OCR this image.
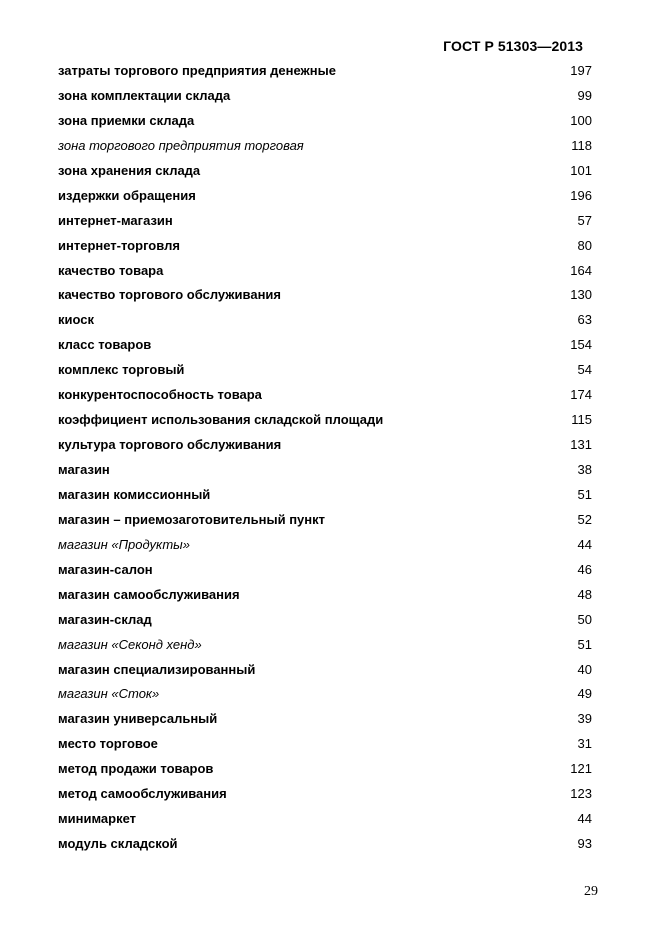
ГОСТ Р 51303—2013
затраты торгового предприятия денежные	197
зона комплектации склада	99
зона приемки склада	100
зона торгового предприятия торговая	118
зона хранения склада	101
издержки обращения	196
интернет-магазин	57
интернет-торговля	80
качество товара	164
качество торгового обслуживания	130
киоск	63
класс товаров	154
комплекс торговый	54
конкурентоспособность товара	174
коэффициент использования складской площади	115
культура торгового обслуживания	131
магазин	38
магазин комиссионный	51
магазин – приемозаготовительный пункт	52
магазин «Продукты»	44
магазин-салон	46
магазин самообслуживания	48
магазин-склад	50
магазин «Секонд хенд»	51
магазин специализированный	40
магазин «Сток»	49
магазин универсальный	39
место торговое	31
метод продажи товаров	121
метод самообслуживания	123
минимаркет	44
модуль складской	93
29
